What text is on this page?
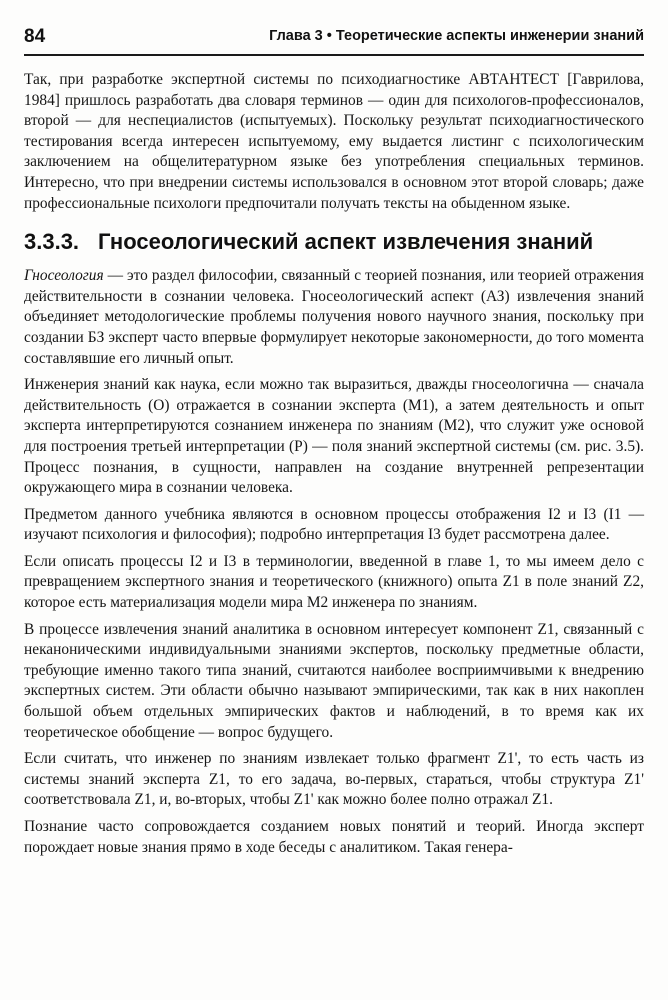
84	Глава 3 • Теоретические аспекты инженерии знаний

Так, при разработке экспертной системы по психодиагностике АВТАНТЕСТ [Гаврилова, 1984] пришлось разработать два словаря терминов — один для психологов-профессионалов, второй — для неспециалистов (испытуемых). Поскольку результат психодиагностического тестирования всегда интересен испытуемому, ему выдается листинг с психологическим заключением на общелитературном языке без употребления специальных терминов. Интересно, что при внедрении системы использовался в основном этот второй словарь; даже профессиональные психологи предпочитали получать тексты на обыденном языке.

3.3.3. Гносеологический аспект извлечения знаний

Гносеология — это раздел философии, связанный с теорией познания, или теорией отражения действительности в сознании человека. Гносеологический аспект (АЗ) извлечения знаний объединяет методологические проблемы получения нового научного знания, поскольку при создании БЗ эксперт часто впервые формулирует некоторые закономерности, до того момента составлявшие его личный опыт.

Инженерия знаний как наука, если можно так выразиться, дважды гносеологична — сначала действительность (О) отражается в сознании эксперта (М1), а затем деятельность и опыт эксперта интерпретируются сознанием инженера по знаниям (М2), что служит уже основой для построения третьей интерпретации (Р) — поля знаний экспертной системы (см. рис. 3.5). Процесс познания, в сущности, направлен на создание внутренней репрезентации окружающего мира в сознании человека.

Предметом данного учебника являются в основном процессы отображения I2 и I3 (I1 — изучают психология и философия); подробно интерпретация I3 будет рассмотрена далее.

Если описать процессы I2 и I3 в терминологии, введенной в главе 1, то мы имеем дело с превращением экспертного знания и теоретического (книжного) опыта Z1 в поле знаний Z2, которое есть материализация модели мира М2 инженера по знаниям.

В процессе извлечения знаний аналитика в основном интересует компонент Z1, связанный с неканоническими индивидуальными знаниями экспертов, поскольку предметные области, требующие именно такого типа знаний, считаются наиболее восприимчивыми к внедрению экспертных систем. Эти области обычно называют эмпирическими, так как в них накоплен большой объем отдельных эмпирических фактов и наблюдений, в то время как их теоретическое обобщение — вопрос будущего.

Если считать, что инженер по знаниям извлекает только фрагмент Z1', то есть часть из системы знаний эксперта Z1, то его задача, во-первых, стараться, чтобы структура Z1' соответствовала Z1, и, во-вторых, чтобы Z1' как можно более полно отражал Z1.

Познание часто сопровождается созданием новых понятий и теорий. Иногда эксперт порождает новые знания прямо в ходе беседы с аналитиком. Такая генера-
